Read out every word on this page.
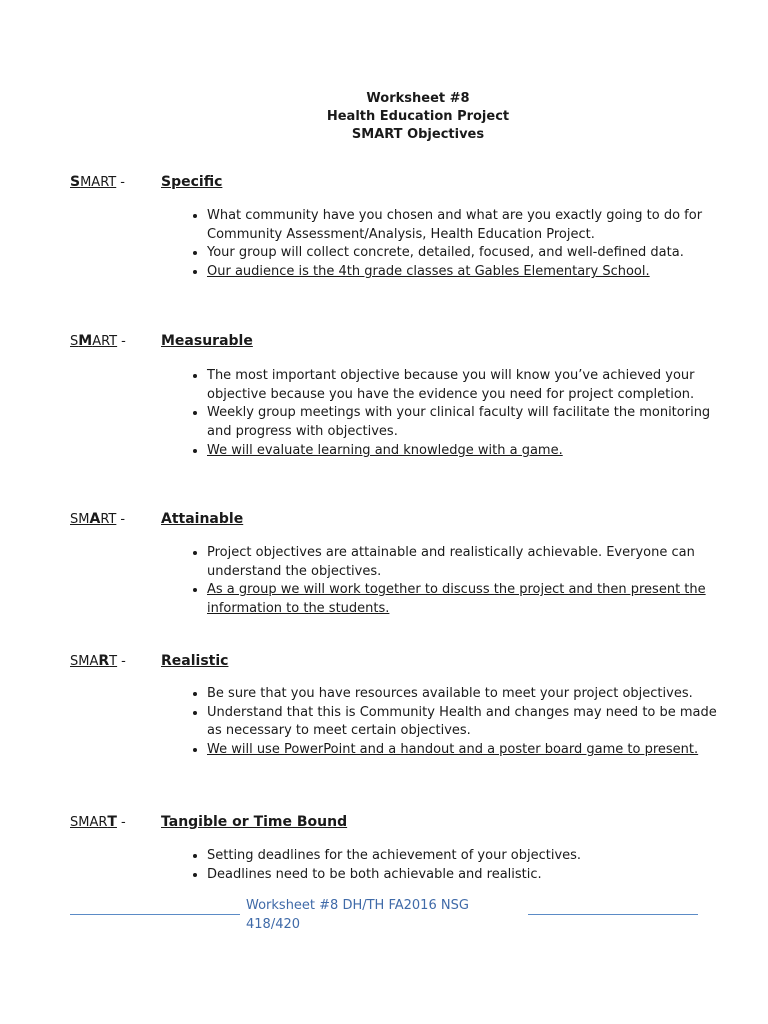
Worksheet #8
Health Education Project
SMART Objectives
SMART -	Specific
• What community have you chosen and what are you exactly going to do for Community Assessment/Analysis, Health Education Project.
• Your group will collect concrete, detailed, focused, and well-defined data.
• Our audience is the 4th grade classes at Gables Elementary School.
SMART -	Measurable
• The most important objective because you will know you’ve achieved your objective because you have the evidence you need for project completion.
• Weekly group meetings with your clinical faculty will facilitate the monitoring and progress with objectives.
• We will evaluate learning and knowledge with a game.
SMART -	Attainable
• Project objectives are attainable and realistically achievable. Everyone can understand the objectives.
• As a group we will work together to discuss the project and then present the information to the students.
SMART -	Realistic
• Be sure that you have resources available to meet your project objectives.
• Understand that this is Community Health and changes may need to be made as necessary to meet certain objectives.
• We will use PowerPoint and a handout and a poster board game to present.
SMART -	Tangible or Time Bound
• Setting deadlines for the achievement of your objectives.
• Deadlines need to be both achievable and realistic.
Worksheet #8 DH/TH FA2016 NSG 418/420
